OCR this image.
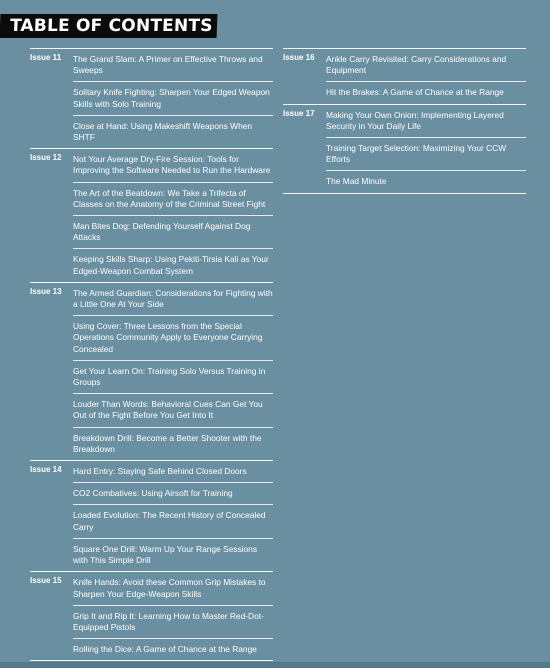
TABLE OF CONTENTS
Issue 11	The Grand Slam: A Primer on Effective Throws and Sweeps
Solitary Knife Fighting: Sharpen Your Edged Weapon Skills with Solo Training
Close at Hand: Using Makeshift Weapons When SHTF
Issue 12	Not Your Average Dry-Fire Session: Tools for Improving the Software Needed to Run the Hardware
The Art of the Beatdown: We Take a Trifecta of Classes on the Anatomy of the Criminal Street Fight
Man Bites Dog: Defending Yourself Against Dog Attacks
Keeping Skills Sharp: Using Pekiti-Tirsia Kali as Your Edged-Weapon Combat System
Issue 13	The Armed Guardian: Considerations for Fighting with a Little One At Your Side
Using Cover: Three Lessons from the Special Operations Community Apply to Everyone Carrying Concealed
Get Your Learn On: Training Solo Versus Training in Groups
Louder Than Words: Behavioral Cues Can Get You Out of the Fight Before You Get Into It
Breakdown Drill: Become a Better Shooter with the Breakdown
Issue 14	Hard Entry: Staying Safe Behind Closed Doors
CO2 Combatives: Using Airsoft for Training
Loaded Evolution: The Recent History of Concealed Carry
Square One Drill: Warm Up Your Range Sessions with This Simple Drill
Issue 15	Knife Hands: Avoid these Common Grip Mistakes to Sharpen Your Edge-Weapon Skills
Grip It and Rip It: Learning How to Master Red-Dot-Equipped Pistols
Rolling the Dice: A Game of Chance at the Range
Issue 16	Ankle Carry Revisited: Carry Considerations and Equipment
Hit the Brakes: A Game of Chance at the Range
Issue 17	Making Your Own Onion: Implementing Layered Security in Your Daily Life
Training Target Selection: Maximizing Your CCW Efforts
The Mad Minute
